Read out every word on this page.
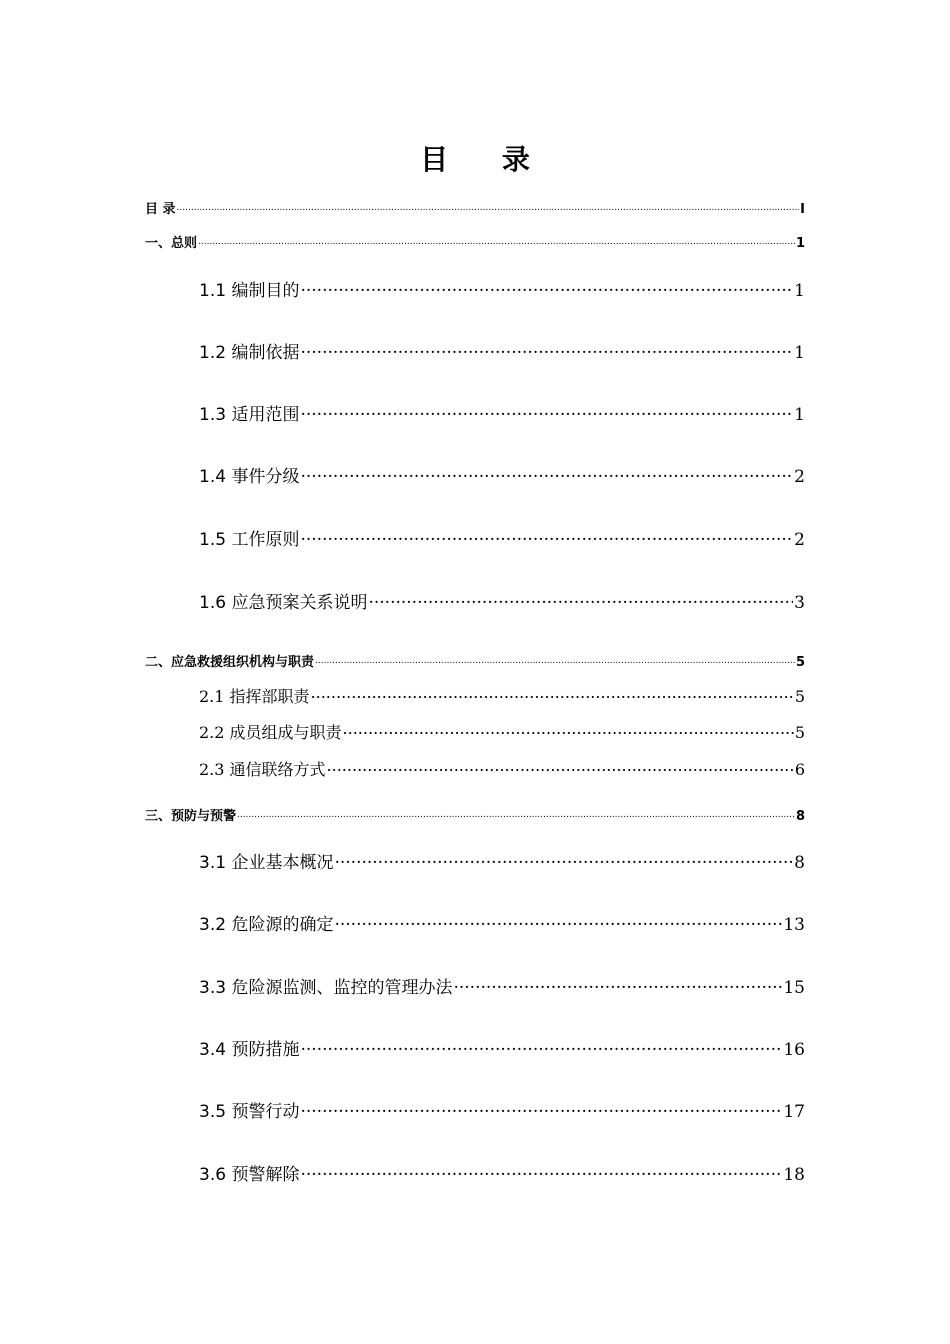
目 录
目 录 .....	I
一、总则 .....	1
1.1 编制目的 .....	1
1.2 编制依据 .....	1
1.3 适用范围 .....	1
1.4 事件分级 .....	2
1.5 工作原则 .....	2
1.6 应急预案关系说明 .....	3
二、应急救援组织机构与职责 .....	5
2.1 指挥部职责 .....	5
2.2 成员组成与职责 .....	5
2.3 通信联络方式 .....	6
三、预防与预警 .....	8
3.1 企业基本概况 .....	8
3.2 危险源的确定 .....	13
3.3 危险源监测、监控的管理办法 .....	15
3.4 预防措施 .....	16
3.5 预警行动 .....	17
3.6 预警解除 .....	18
